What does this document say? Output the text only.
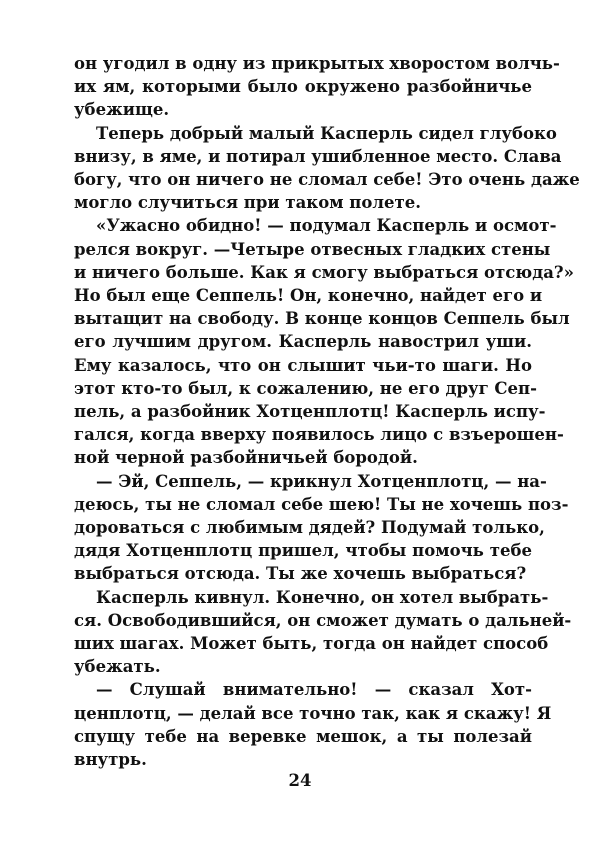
он угодил в одну из прикрытых хворостом волчь-
их ям, которыми было окружено разбойничье
убежище.
Теперь добрый малый Касперль сидел глубоко
внизу, в яме, и потирал ушибленное место. Слава
богу, что он ничего не сломал себе! Это очень даже
могло случиться при таком полете.
«Ужасно обидно! — подумал Касперль и осмот-
релся вокруг. —Четыре отвесных гладких стены
и ничего больше. Как я смогу выбраться отсюда?»
Но был еще Сеппель! Он, конечно, найдет его и
вытащит на свободу. В конце концов Сеппель был
его лучшим другом. Касперль навострил уши.
Ему казалось, что он слышит чьи-то шаги. Но
этот кто-то был, к сожалению, не его друг Сеп-
пель, а разбойник Хотценплотц! Касперль испу-
гался, когда вверху появилось лицо с взъерошен-
ной черной разбойничьей бородой.
— Эй, Сеппель, — крикнул Хотценплотц, — на-
деюсь, ты не сломал себе шею! Ты не хочешь поз-
дороваться с любимым дядей? Подумай только,
дядя Хотценплотц пришел, чтобы помочь тебе
выбраться отсюда. Ты же хочешь выбраться?
Касперль кивнул. Конечно, он хотел выбрать-
ся. Освободившийся, он сможет думать о дальней-
ших шагах. Может быть, тогда он найдет способ
убежать.
— Слушай внимательно! — сказал Хот-
ценплотц, — делай все точно так, как я скажу! Я
спущу тебе на веревке мешок, а ты полезай
внутрь.
24
